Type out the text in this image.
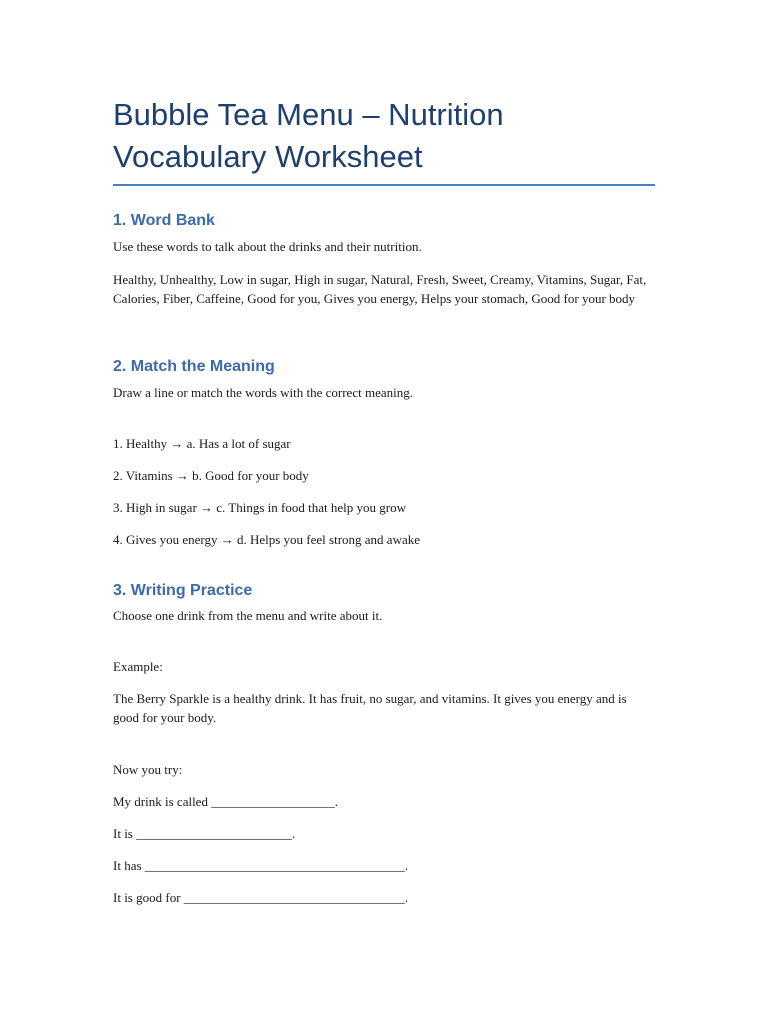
Bubble Tea Menu – Nutrition Vocabulary Worksheet
1. Word Bank

Use these words to talk about the drinks and their nutrition.

Healthy, Unhealthy, Low in sugar, High in sugar, Natural, Fresh, Sweet, Creamy, Vitamins, Sugar, Fat, Calories, Fiber, Caffeine, Good for you, Gives you energy, Helps your stomach, Good for your body

2. Match the Meaning

Draw a line or match the words with the correct meaning.

1. Healthy → a. Has a lot of sugar

2. Vitamins → b. Good for your body

3. High in sugar → c. Things in food that help you grow

4. Gives you energy → d. Helps you feel strong and awake

3. Writing Practice

Choose one drink from the menu and write about it.

Example:

The Berry Sparkle is a healthy drink. It has fruit, no sugar, and vitamins. It gives you energy and is good for your body.

Now you try:

My drink is called ___________________.

It is ________________________.

It has ________________________________________.

It is good for __________________________________.
